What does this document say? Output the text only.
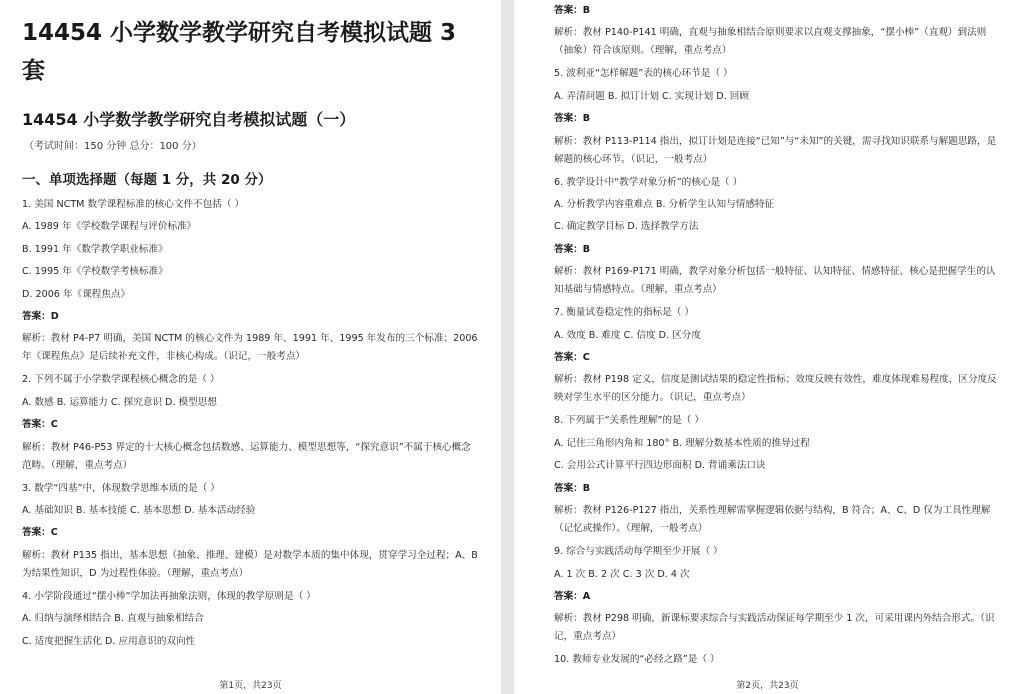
14454 小学数学教学研究自考模拟试题 3 套
14454 小学数学教学研究自考模拟试题（一）

（考试时间：150 分钟 总分：100 分）

一、单项选择题（每题 1 分，共 20 分）

1. 美国 NCTM 数学课程标准的核心文件不包括（ ）

A. 1989 年《学校数学课程与评价标准》

B. 1991 年《数学教学职业标准》

C. 1995 年《学校数学考核标准》

D. 2006 年《课程焦点》

答案：D

解析：教材 P4-P7 明确，美国 NCTM 的核心文件为 1989 年、1991 年、1995 年发布的三个标准；2006 年《课程焦点》是后续补充文件，非核心构成。（识记，一般考点）

2. 下列不属于小学数学课程核心概念的是（ ）

A. 数感 B. 运算能力 C. 探究意识 D. 模型思想

答案：C

解析：教材 P46-P53 界定的十大核心概念包括数感、运算能力、模型思想等，“探究意识”不属于核心概念范畴。（理解，重点考点）

3. 数学“四基”中，体现数学思维本质的是（ ）

A. 基础知识 B. 基本技能 C. 基本思想 D. 基本活动经验

答案：C

解析：教材 P135 指出，基本思想（抽象、推理、建模）是对数学本质的集中体现，贯穿学习全过程；A、B 为结果性知识，D 为过程性体验。（理解，重点考点）

4. 小学阶段通过“摆小棒”学加法再抽象法则，体现的教学原则是（ ）

A. 归纳与演绎相结合 B. 直观与抽象相结合

C. 适度把握生活化 D. 应用意识的双向性

第1页，共23页

答案：B

解析：教材 P140-P141 明确，直观与抽象相结合原则要求以直观支撑抽象，“摆小棒”（直观）到法则（抽象）符合该原则。（理解，重点考点）

5. 波利亚“怎样解题”表的核心环节是（ ）

A. 弄清问题 B. 拟订计划 C. 实现计划 D. 回顾

答案：B

解析：教材 P113-P114 指出，拟订计划是连接“已知”与“未知”的关键，需寻找知识联系与解题思路，是解题的核心环节。（识记，一般考点）

6. 教学设计中“教学对象分析”的核心是（ ）

A. 分析教学内容重难点 B. 分析学生认知与情感特征

C. 确定教学目标 D. 选择教学方法

答案：B

解析：教材 P169-P171 明确，教学对象分析包括一般特征、认知特征、情感特征，核心是把握学生的认知基础与情感特点。（理解，重点考点）

7. 衡量试卷稳定性的指标是（ ）

A. 效度 B. 难度 C. 信度 D. 区分度

答案：C

解析：教材 P198 定义，信度是测试结果的稳定性指标；效度反映有效性，难度体现难易程度，区分度反映对学生水平的区分能力。（识记，重点考点）

8. 下列属于“关系性理解”的是（ ）

A. 记住三角形内角和 180° B. 理解分数基本性质的推导过程

C. 会用公式计算平行四边形面积 D. 背诵乘法口诀

答案：B

解析：教材 P126-P127 指出，关系性理解需掌握逻辑依据与结构，B 符合；A、C、D 仅为工具性理解（记忆或操作）。（理解，一般考点）

9. 综合与实践活动每学期至少开展（ ）

A. 1 次 B. 2 次 C. 3 次 D. 4 次

答案：A

解析：教材 P298 明确，新课标要求综合与实践活动保证每学期至少 1 次，可采用课内外结合形式。（识记，重点考点）

10. 教师专业发展的“必经之路”是（ ）

第2页，共23页
